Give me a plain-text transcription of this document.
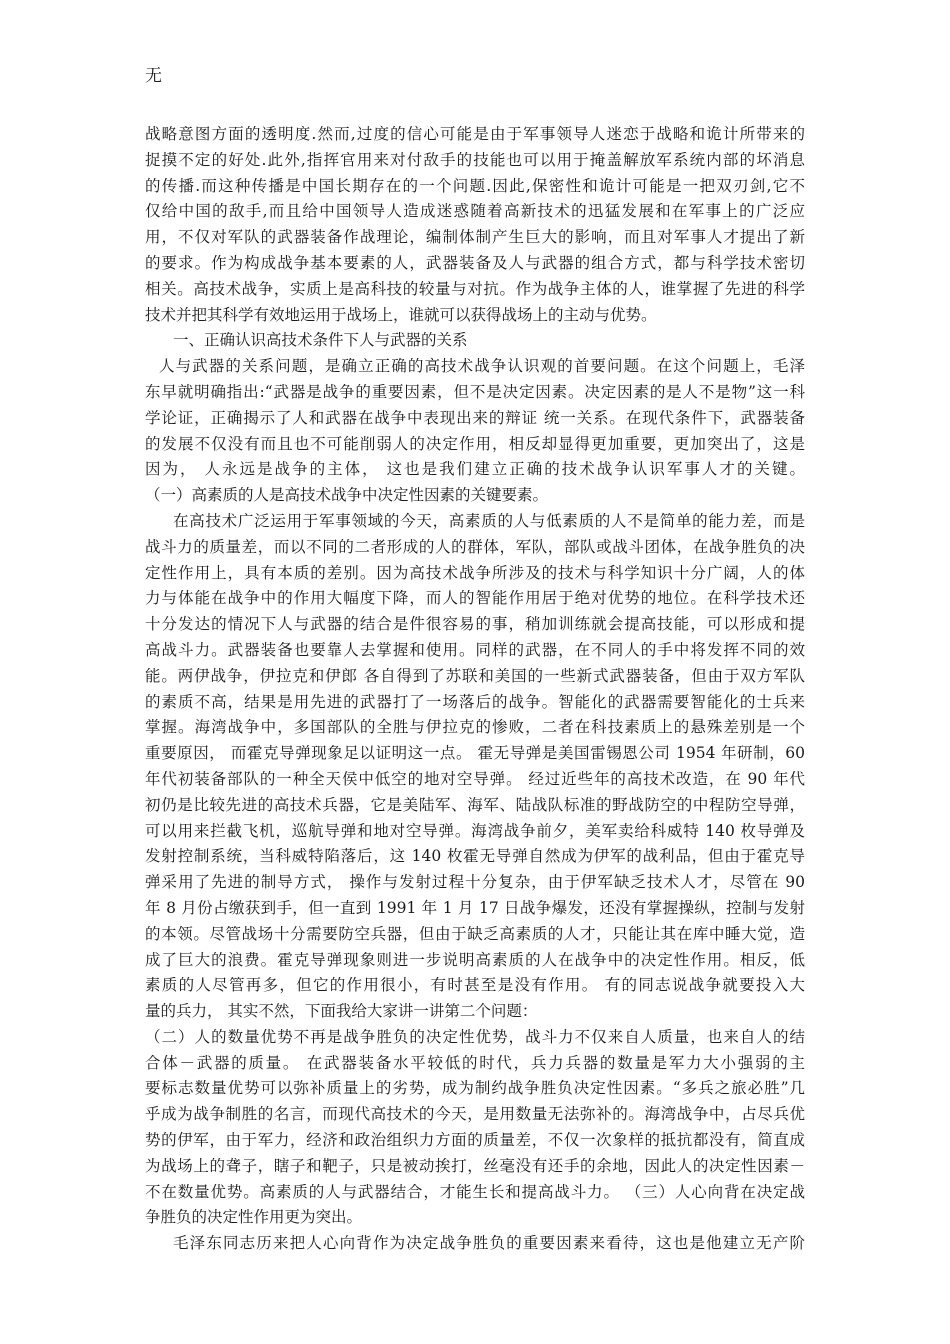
无
战略意图方面的透明度.然而,过度的信心可能是由于军事领导人迷恋于战略和诡计所带来的
捉摸不定的好处.此外,指挥官用来对付敌手的技能也可以用于掩盖解放军系统内部的坏消息
的传播.而这种传播是中国长期存在的一个问题.因此,保密性和诡计可能是一把双刃剑,它不
仅给中国的敌手,而且给中国领导人造成迷惑随着高新技术的迅猛发展和在军事上的广泛应
用，不仅对军队的武器装备作战理论，编制体制产生巨大的影响，而且对军事人才提出了新
的要求。作为构成战争基本要素的人，武器装备及人与武器的组合方式，都与科学技术密切
相关。高技术战争，实质上是高科技的较量与对抗。作为战争主体的人，谁掌握了先进的科学
技术并把其科学有效地运用于战场上，谁就可以获得战场上的主动与优势。
一、正确认识高技术条件下人与武器的关系
人与武器的关系问题，是确立正确的高技术战争认识观的首要问题。在这个问题上，毛泽
东早就明确指出:“武器是战争的重要因素，但不是决定因素。决定因素的是人不是物”这一科
学论证，正确揭示了人和武器在战争中表现出来的辩证 统一关系。在现代条件下，武器装备
的发展不仅没有而且也不可能削弱人的决定作用，相反却显得更加重要，更加突出了，这是
因为， 人永远是战争的主体， 这也是我们建立正确的技术战争认识军事人才的关键。
（一）高素质的人是高技术战争中决定性因素的关键要素。
在高技术广泛运用于军事领域的今天，高素质的人与低素质的人不是简单的能力差，而是
战斗力的质量差，而以不同的二者形成的人的群体，军队，部队或战斗团体，在战争胜负的决
定性作用上，具有本质的差别。因为高技术战争所涉及的技术与科学知识十分广阔，人的体
力与体能在战争中的作用大幅度下降，而人的智能作用居于绝对优势的地位。在科学技术还
十分发达的情况下人与武器的结合是件很容易的事，稍加训练就会提高技能，可以形成和提
高战斗力。武器装备也要靠人去掌握和使用。同样的武器，在不同人的手中将发挥不同的效
能。两伊战争，伊拉克和伊郎 各自得到了苏联和美国的一些新式武器装备，但由于双方军队
的素质不高，结果是用先进的武器打了一场落后的战争。智能化的武器需要智能化的士兵来
掌握。海湾战争中，多国部队的全胜与伊拉克的惨败，二者在科技素质上的悬殊差别是一个
重要原因， 而霍克导弹现象足以证明这一点。 霍无导弹是美国雷锡恩公司 1954 年研制，60
年代初装备部队的一种全天侯中低空的地对空导弹。 经过近些年的高技术改造，在 90 年代
初仍是比较先进的高技术兵器，它是美陆军、海军、陆战队标准的野战防空的中程防空导弹，
可以用来拦截飞机，巡航导弹和地对空导弹。海湾战争前夕，美军卖给科威特 140 枚导弹及
发射控制系统，当科威特陷落后，这 140 枚霍无导弹自然成为伊军的战利品，但由于霍克导
弹采用了先进的制导方式， 操作与发射过程十分复杂，由于伊军缺乏技术人才，尽管在 90
年 8 月份占缴获到手，但一直到 1991 年 1 月 17 日战争爆发，还没有掌握操纵，控制与发射
的本领。尽管战场十分需要防空兵器，但由于缺乏高素质的人才，只能让其在库中睡大觉，造
成了巨大的浪费。霍克导弹现象则进一步说明高素质的人在战争中的决定性作用。相反，低
素质的人尽管再多，但它的作用很小，有时甚至是没有作用。 有的同志说战争就要投入大
量的兵力， 其实不然，下面我给大家讲一讲第二个问题：
（二）人的数量优势不再是战争胜负的决定性优势，战斗力不仅来自人质量，也来自人的结
合体－武器的质量。 在武器装备水平较低的时代，兵力兵器的数量是军力大小强弱的主
要标志数量优势可以弥补质量上的劣势，成为制约战争胜负决定性因素。“多兵之旅必胜”几
乎成为战争制胜的名言，而现代高技术的今天，是用数量无法弥补的。海湾战争中，占尽兵优
势的伊军，由于军力，经济和政治组织力方面的质量差，不仅一次象样的抵抗都没有，简直成
为战场上的聋子，瞎子和靶子，只是被动挨打，丝毫没有还手的余地，因此人的决定性因素－
不在数量优势。高素质的人与武器结合，才能生长和提高战斗力。 （三）人心向背在决定战
争胜负的决定性作用更为突出。
毛泽东同志历来把人心向背作为决定战争胜负的重要因素来看待，这也是他建立无产阶
